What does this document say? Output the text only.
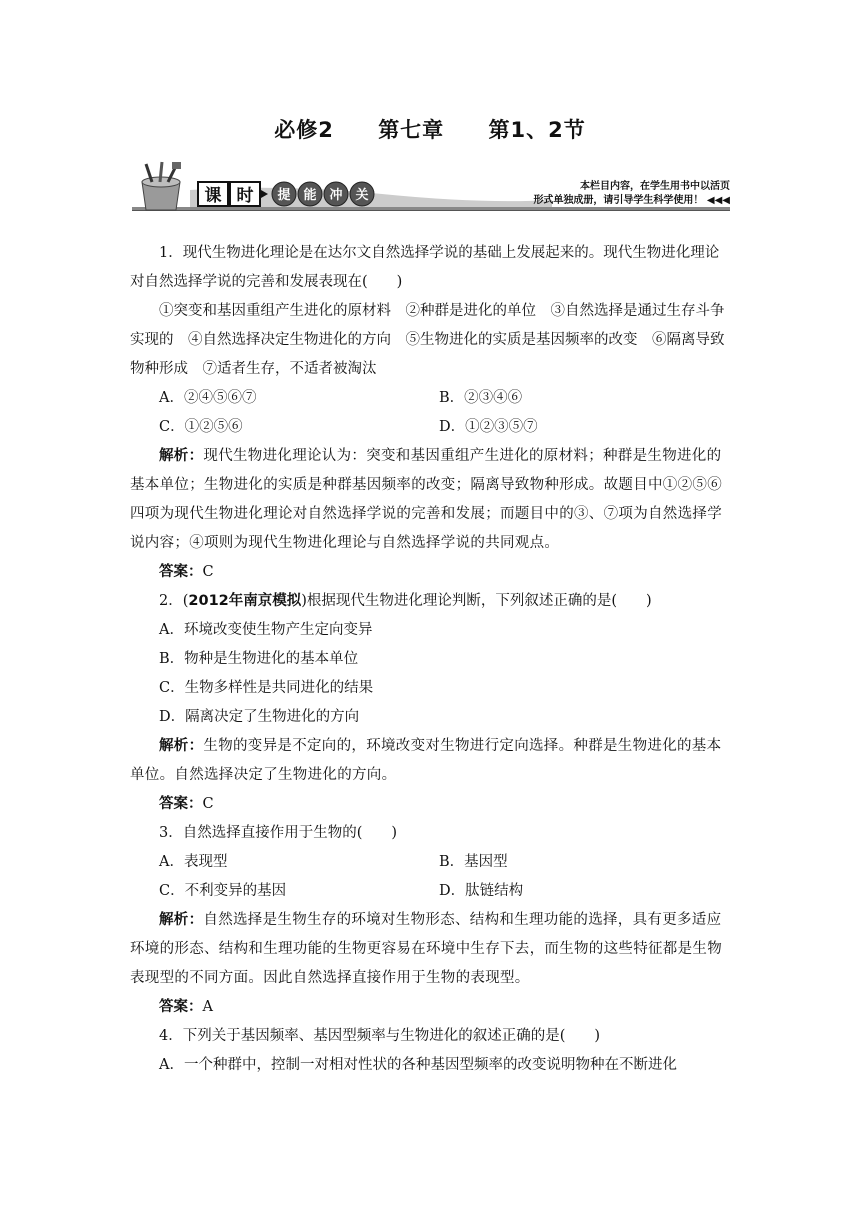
必修2 第七章 第1、2节
课 时 提 能 冲 关
本栏目内容，在学生用书中以活页
形式单独成册，请引导学生科学使用！ ◀◀◀

1．现代生物进化理论是在达尔文自然选择学说的基础上发展起来的。现代生物进化理论对自然选择学说的完善和发展表现在(　　)

①突变和基因重组产生进化的原材料　②种群是进化的单位　③自然选择是通过生存斗争实现的　④自然选择决定生物进化的方向　⑤生物进化的实质是基因频率的改变　⑥隔离导致物种形成　⑦适者生存，不适者被淘汰

A．②④⑤⑥⑦	B．②③④⑥
C．①②⑤⑥	D．①②③⑤⑦

解析：现代生物进化理论认为：突变和基因重组产生进化的原材料；种群是生物进化的基本单位；生物进化的实质是种群基因频率的改变；隔离导致物种形成。故题目中①②⑤⑥四项为现代生物进化理论对自然选择学说的完善和发展；而题目中的③、⑦项为自然选择学说内容；④项则为现代生物进化理论与自然选择学说的共同观点。

答案：C

2．(2012年南京模拟)根据现代生物进化理论判断，下列叙述正确的是(　　)

A．环境改变使生物产生定向变异

B．物种是生物进化的基本单位

C．生物多样性是共同进化的结果

D．隔离决定了生物进化的方向

解析：生物的变异是不定向的，环境改变对生物进行定向选择。种群是生物进化的基本单位。自然选择决定了生物进化的方向。

答案：C

3．自然选择直接作用于生物的(　　)

A．表现型	B．基因型
C．不利变异的基因	D．肽链结构

解析：自然选择是生物生存的环境对生物形态、结构和生理功能的选择，具有更多适应环境的形态、结构和生理功能的生物更容易在环境中生存下去，而生物的这些特征都是生物表现型的不同方面。因此自然选择直接作用于生物的表现型。

答案：A

4．下列关于基因频率、基因型频率与生物进化的叙述正确的是(　　)

A．一个种群中，控制一对相对性状的各种基因型频率的改变说明物种在不断进化
